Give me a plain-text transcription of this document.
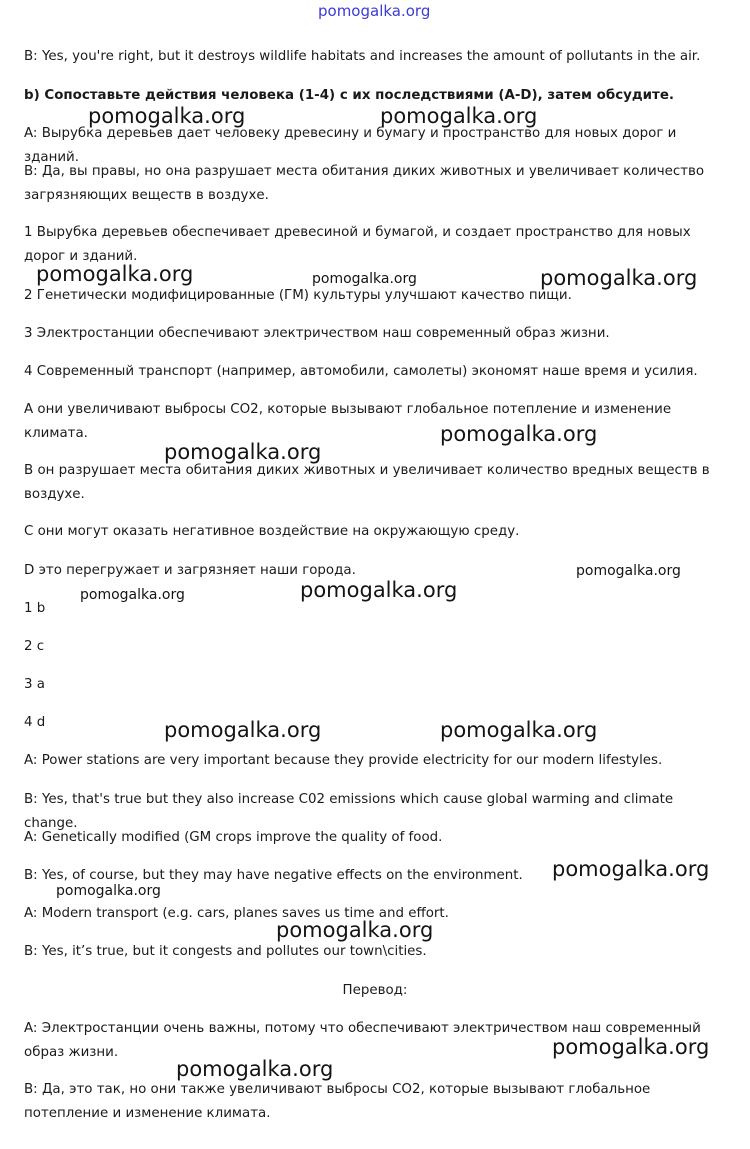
B: Yes, you're right, but it destroys wildlife habitats and increases the amount of pollutants in the air.

b) Сопоставьте действия человека (1-4) с их последствиями (A-D), затем обсудите.

A: Вырубка деревьев дает человеку древесину и бумагу и пространство для новых дорог и зданий.

B: Да, вы правы, но она разрушает места обитания диких животных и увеличивает количество загрязняющих веществ в воздухе.

1 Вырубка деревьев обеспечивает древесиной и бумагой, и создает пространство для новых дорог и зданий.

2 Генетически модифицированные (ГМ) культуры улучшают качество пищи.

3 Электростанции обеспечивают электричеством наш современный образ жизни.

4 Современный транспорт (например, автомобили, самолеты) экономят наше время и усилия.

A они увеличивают выбросы CO2, которые вызывают глобальное потепление и изменение климата.

B он разрушает места обитания диких животных и увеличивает количество вредных веществ в воздухе.

C они могут оказать негативное воздействие на окружающую среду.

D это перегружает и загрязняет наши города.

1 b

2 c

3 a

4 d

A: Power stations are very important because they provide electricity for our modern lifestyles.

B: Yes, that's true but they also increase C02 emissions which cause global warming and climate change.

A: Genetically modified (GM crops improve the quality of food.

B: Yes, of course, but they may have negative effects on the environment.

A: Modern transport (e.g. cars, planes saves us time and effort.

B: Yes, it’s true, but it congests and pollutes our town\cities.

Перевод:

A: Электростанции очень важны, потому что обеспечивают электричеством наш современный образ жизни.

B: Да, это так, но они также увеличивают выбросы CO2, которые вызывают глобальное потепление и изменение климата.

pomogalka.org
pomogalka.org	pomogalka.org	pomogalka.org
pomogalka.org
pomogalka.org
pomogalka.org
pomogalka.org
pomogalka.org
pomogalka.org	pomogalka.org
pomogalka.org	pomogalka.org
pomogalka.org
pomogalka.org
pomogalka.org
pomogalka.org
pomogalka.org
